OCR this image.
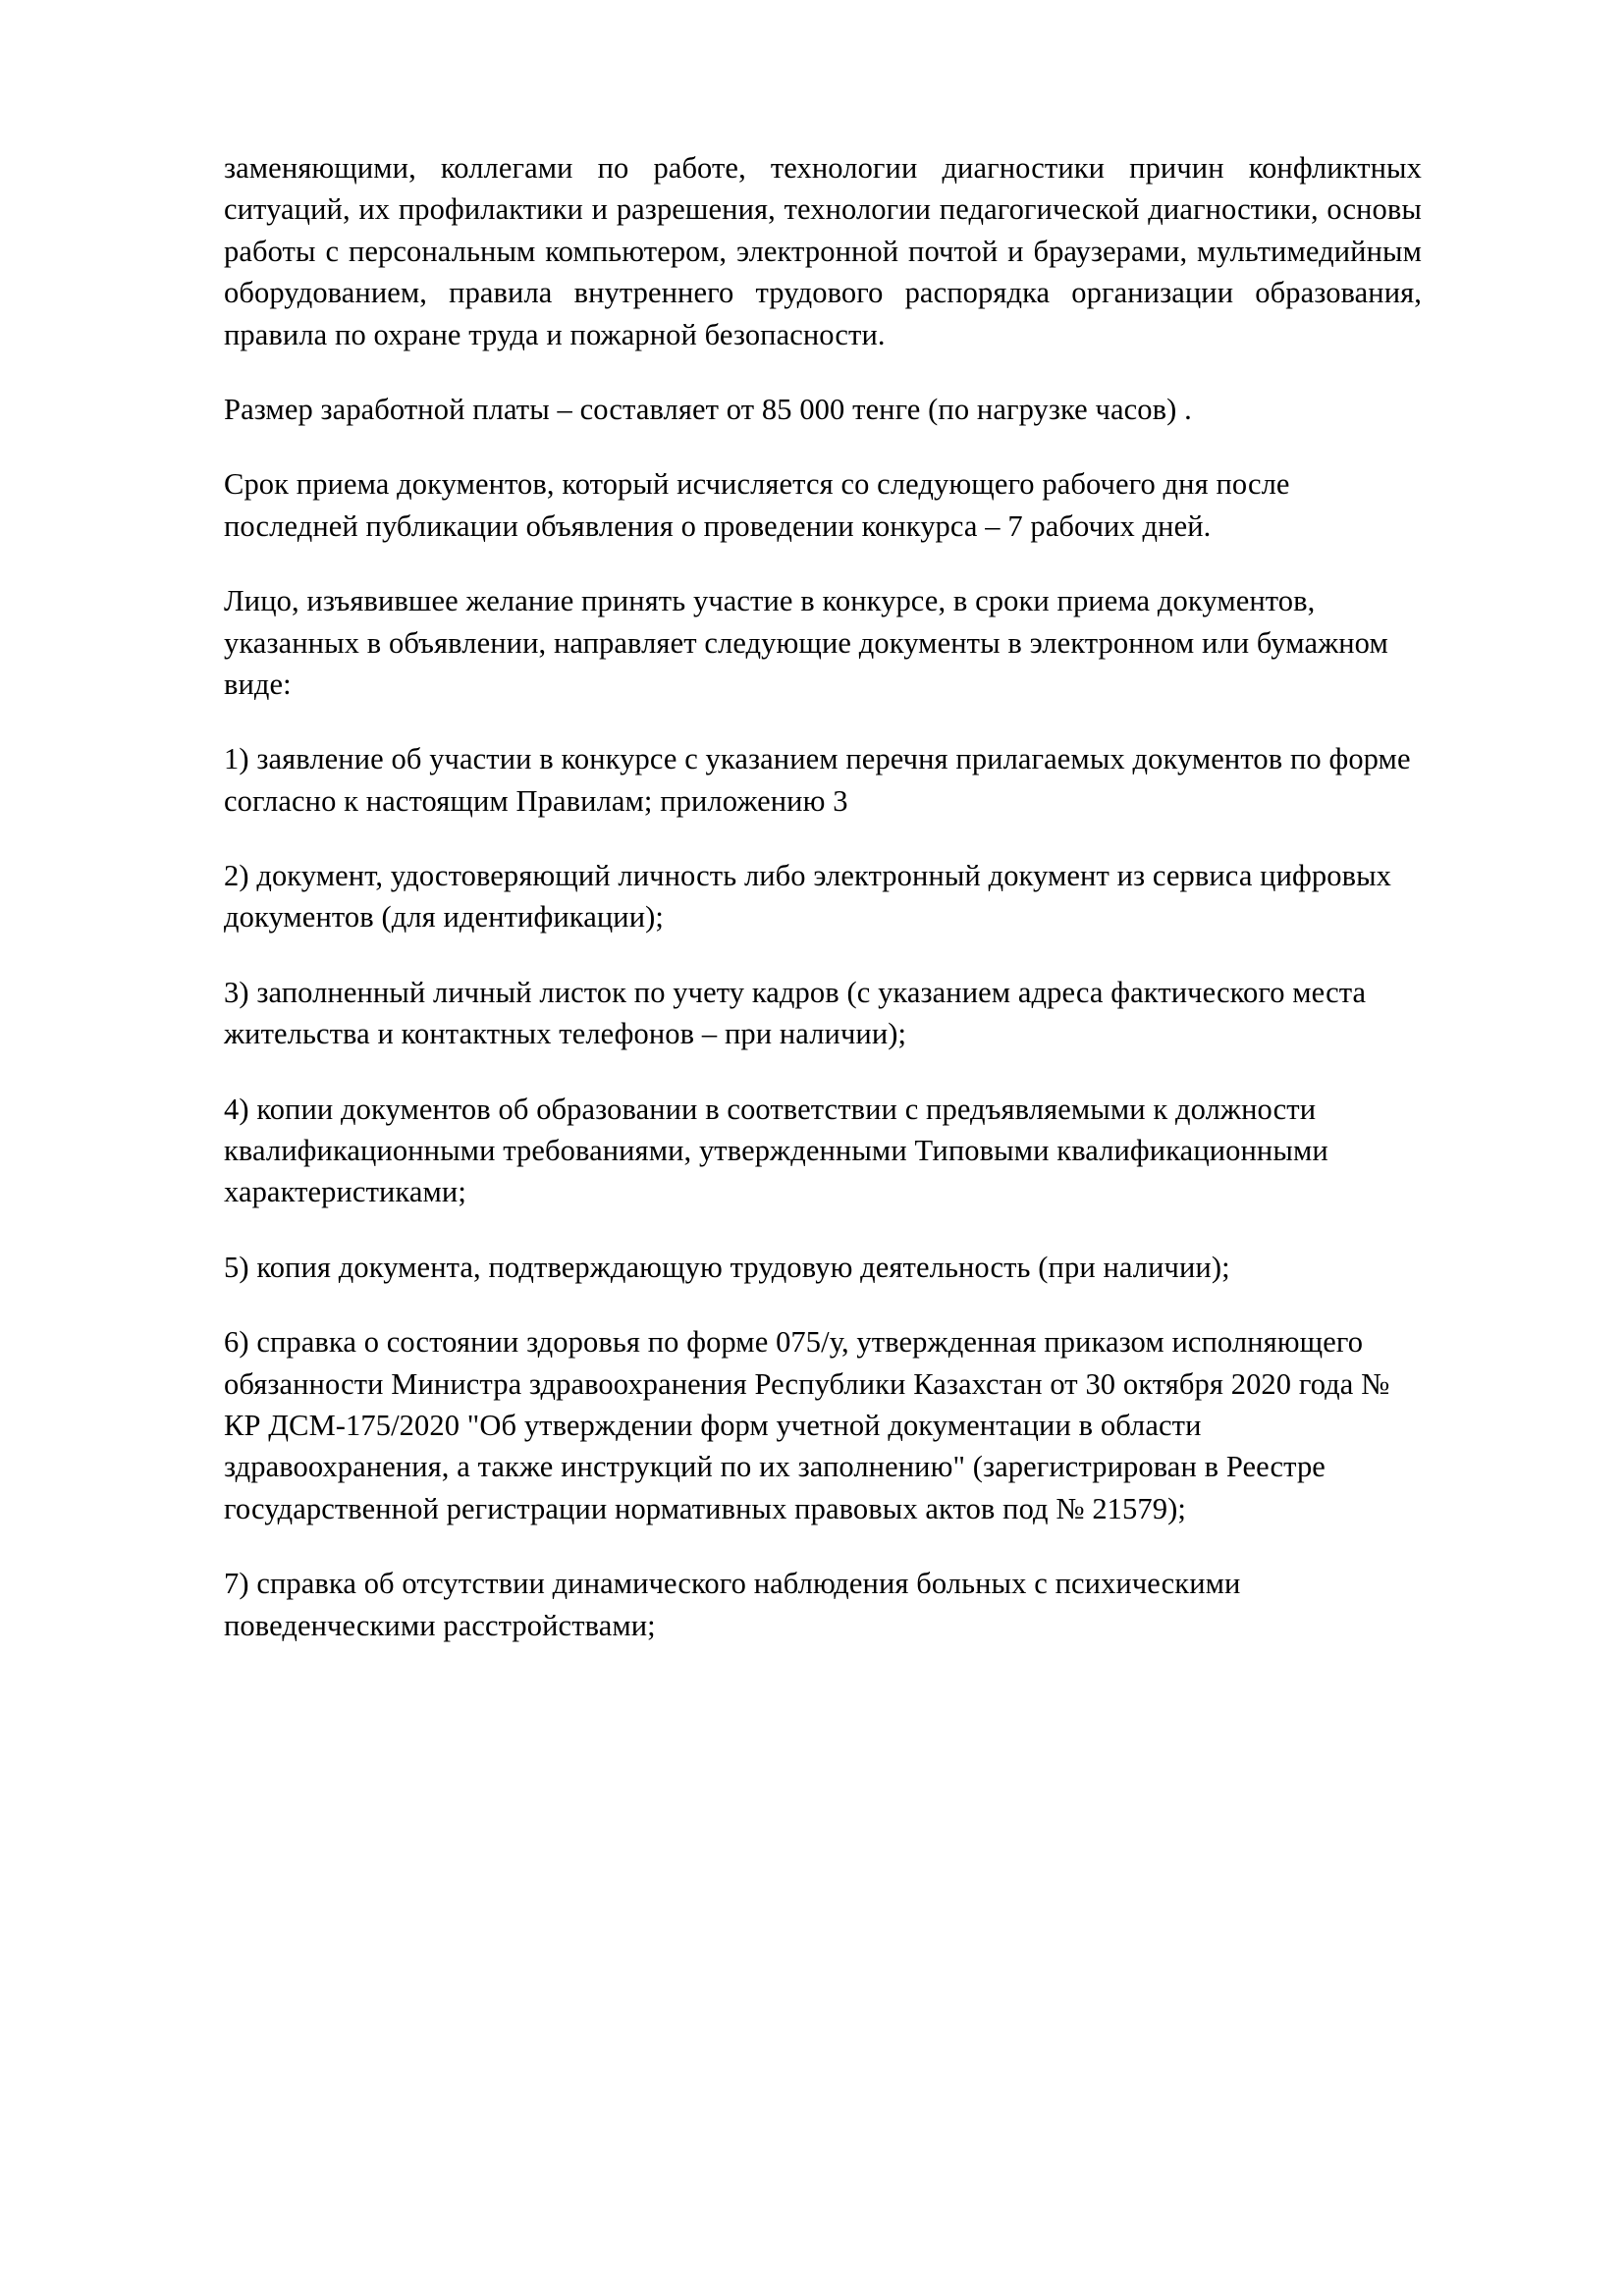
заменяющими, коллегами по работе, технологии диагностики причин конфликтных ситуаций, их профилактики и разрешения, технологии педагогической диагностики, основы работы с персональным компьютером, электронной почтой и браузерами, мультимедийным оборудованием, правила внутреннего трудового распорядка организации образования, правила по охране труда и пожарной безопасности.

Размер заработной платы – составляет от 85 000 тенге (по нагрузке часов) .

Срок приема документов, который исчисляется со следующего рабочего дня после последней публикации объявления о проведении конкурса – 7 рабочих дней.

Лицо, изъявившее желание принять участие в конкурсе, в сроки приема документов, указанных в объявлении, направляет следующие документы в электронном или бумажном виде:

1) заявление об участии в конкурсе с указанием перечня прилагаемых документов по форме согласно к настоящим Правилам; приложению 3

2) документ, удостоверяющий личность либо электронный документ из сервиса цифровых документов (для идентификации);

3) заполненный личный листок по учету кадров (с указанием адреса фактического места жительства и контактных телефонов – при наличии);

4) копии документов об образовании в соответствии с предъявляемыми к должности квалификационными требованиями, утвержденными Типовыми квалификационными характеристиками;

5) копия документа, подтверждающую трудовую деятельность (при наличии);

6) справка о состоянии здоровья по форме 075/у, утвержденная приказом исполняющего обязанности Министра здравоохранения Республики Казахстан от 30 октября 2020 года № КР ДСМ-175/2020 "Об утверждении форм учетной документации в области здравоохранения, а также инструкций по их заполнению" (зарегистрирован в Реестре государственной регистрации нормативных правовых актов под № 21579);

7) справка об отсутствии динамического наблюдения больных с психическими поведенческими расстройствами;
